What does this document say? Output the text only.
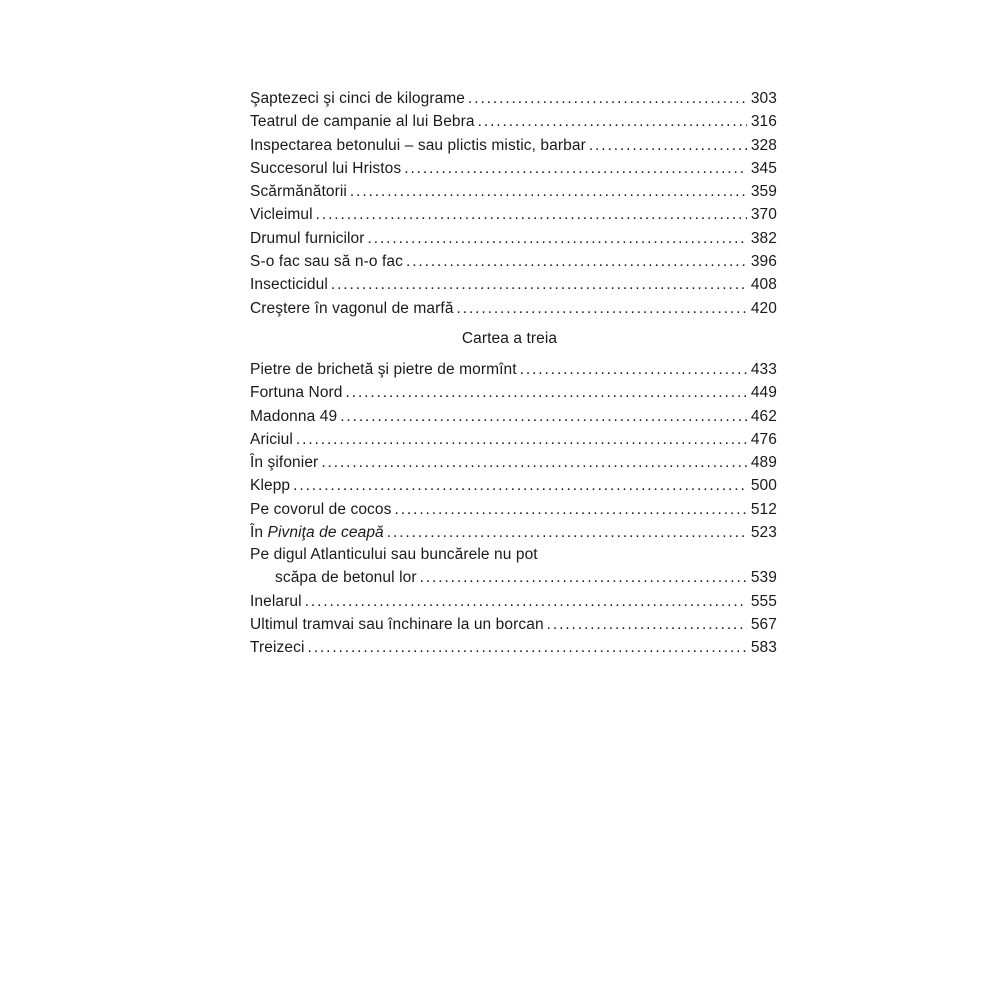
Şaptezeci şi cinci de kilograme . . .	303
Teatrul de campanie al lui Bebra . . .	316
Inspectarea betonului – sau plictis mistic, barbar . . .	328
Succesorul lui Hristos . . .	345
Scărmănătorii . . .	359
Vicleimul . . .	370
Drumul furnicilor . . .	382
S-o fac sau să n-o fac . . .	396
Insecticidul . . .	408
Creştere în vagonul de marfă . . .	420
Cartea a treia
Pietre de brichetă şi pietre de mormînt . . .	433
Fortuna Nord . . .	449
Madonna 49 . . .	462
Ariciul . . .	476
În şifonier . . .	489
Klepp . . .	500
Pe covorul de cocos . . .	512
În Pivniţa de ceapă . . .	523
Pe digul Atlanticului sau buncărele nu pot
scăpa de betonul lor . . .	539
Inelarul . . .	555
Ultimul tramvai sau închinare la un borcan . . .	567
Treizeci . . .	583
